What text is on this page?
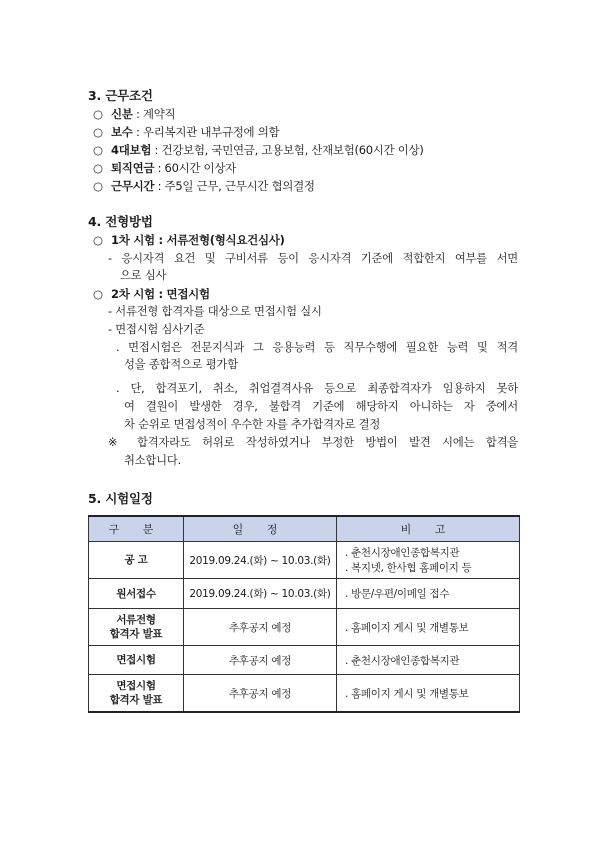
3. 근무조건
○ 신분 : 계약직
○ 보수 : 우리복지관 내부규정에 의함
○ 4대보험 : 건강보험, 국민연금, 고용보험, 산재보험(60시간 이상)
○ 퇴직연금 : 60시간 이상자
○ 근무시간 : 주5일 근무, 근무시간 협의결정
4. 전형방법
○ 1차 시험 : 서류전형(형식요건심사)
- 응시자격 요건 및 구비서류 등이 응시자격 기준에 적합한지 여부를 서면
으로 심사
○ 2차 시험 : 면접시험
- 서류전형 합격자를 대상으로 면접시험 실시
- 면접시험 심사기준
. 면접시험은 전문지식과 그 응용능력 등 직무수행에 필요한 능력 및 적격
성을 종합적으로 평가함
. 단, 합격포기, 취소, 취업결격사유 등으로 최종합격자가 임용하지 못하
여 결원이 발생한 경우, 불합격 기준에 해당하지 아니하는 자 중에서
차 순위로 면접성적이 우수한 자를 추가합격자로 결정
※ 합격자라도 허위로 작성하였거나 부정한 방법이 발견 시에는 합격을
취소합니다.
5. 시험일정
구 분	일 정	비 고

공 고	2019.09.24.(화) ~ 10.03.(화)	. 춘천시장애인종합복지관
. 복지넷, 한사협 홈페이지 등

원서접수	2019.09.24.(화) ~ 10.03.(화)	. 방문/우편/이메일 접수

서류전형
합격자 발표	추후공지 예정	. 홈페이지 게시 및 개별통보

면접시험	추후공지 예정	. 춘천시장애인종합복지관

면접시험
합격자 발표	추후공지 예정	. 홈페이지 게시 및 개별통보
